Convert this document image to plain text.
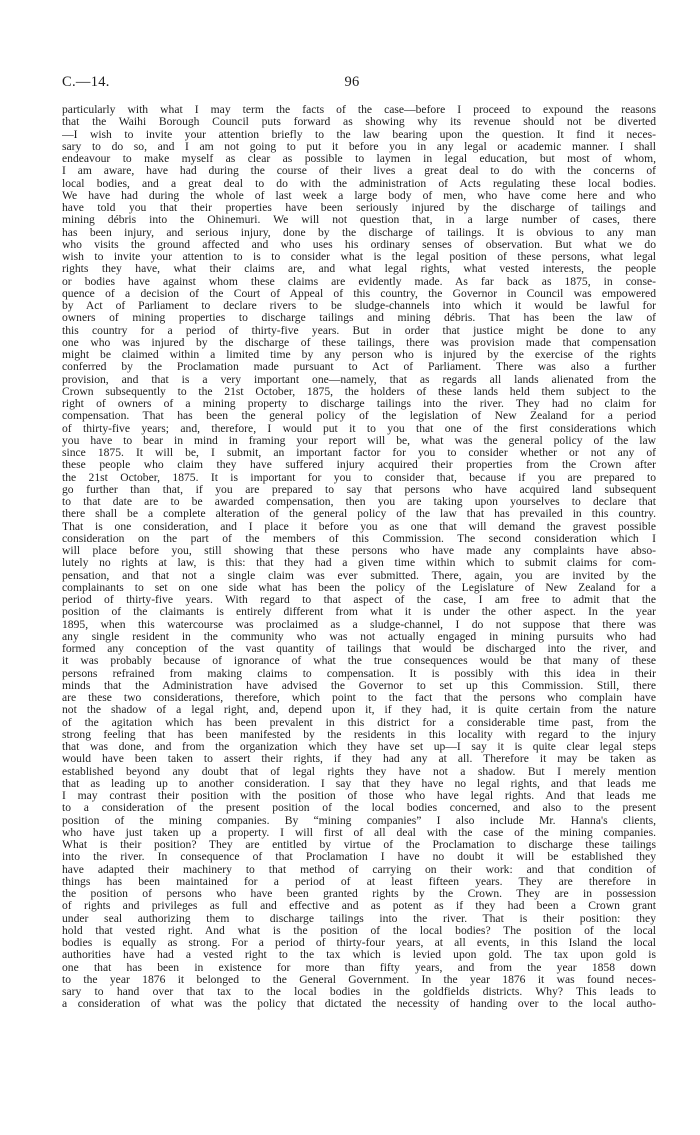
C.—14.	96
particularly with what I may term the facts of the case—before I proceed to expound the reasons
that the Waihi Borough Council puts forward as showing why its revenue should not be diverted
—I wish to invite your attention briefly to the law bearing upon the question. It find it neces-
sary to do so, and I am not going to put it before you in any legal or academic manner. I shall
endeavour to make myself as clear as possible to laymen in legal education, but most of whom,
I am aware, have had during the course of their lives a great deal to do with the concerns of
local bodies, and a great deal to do with the administration of Acts regulating these local bodies.
We have had during the whole of last week a large body of men, who have come here and who
have told you that their properties have been seriously injured by the discharge of tailings and
mining débris into the Ohinemuri. We will not question that, in a large number of cases, there
has been injury, and serious injury, done by the discharge of tailings. It is obvious to any man
who visits the ground affected and who uses his ordinary senses of observation. But what we do
wish to invite your attention to is to consider what is the legal position of these persons, what legal
rights they have, what their claims are, and what legal rights, what vested interests, the people
or bodies have against whom these claims are evidently made. As far back as 1875, in conse-
quence of a decision of the Court of Appeal of this country, the Governor in Council was empowered
by Act of Parliament to declare rivers to be sludge-channels into which it would be lawful for
owners of mining properties to discharge tailings and mining débris. That has been the law of
this country for a period of thirty-five years. But in order that justice might be done to any
one who was injured by the discharge of these tailings, there was provision made that compensation
might be claimed within a limited time by any person who is injured by the exercise of the rights
conferred by the Proclamation made pursuant to Act of Parliament. There was also a further
provision, and that is a very important one—namely, that as regards all lands alienated from the
Crown subsequently to the 21st October, 1875, the holders of these lands held them subject to the
right of owners of a mining property to discharge tailings into the river. They had no claim for
compensation. That has been the general policy of the legislation of New Zealand for a period
of thirty-five years; and, therefore, I would put it to you that one of the first considerations which
you have to bear in mind in framing your report will be, what was the general policy of the law
since 1875. It will be, I submit, an important factor for you to consider whether or not any of
these people who claim they have suffered injury acquired their properties from the Crown after
the 21st October, 1875. It is important for you to consider that, because if you are prepared to
go further than that, if you are prepared to say that persons who have acquired land subsequent
to that date are to be awarded compensation, then you are taking upon yourselves to declare that
there shall be a complete alteration of the general policy of the law that has prevailed in this country.
That is one consideration, and I place it before you as one that will demand the gravest possible
consideration on the part of the members of this Commission. The second consideration which I
will place before you, still showing that these persons who have made any complaints have abso-
lutely no rights at law, is this: that they had a given time within which to submit claims for com-
pensation, and that not a single claim was ever submitted. There, again, you are invited by the
complainants to set on one side what has been the policy of the Legislature of New Zealand for a
period of thirty-five years. With regard to that aspect of the case, I am free to admit that the
position of the claimants is entirely different from what it is under the other aspect. In the year
1895, when this watercourse was proclaimed as a sludge-channel, I do not suppose that there was
any single resident in the community who was not actually engaged in mining pursuits who had
formed any conception of the vast quantity of tailings that would be discharged into the river, and
it was probably because of ignorance of what the true consequences would be that many of these
persons refrained from making claims to compensation. It is possibly with this idea in their
minds that the Administration have advised the Governor to set up this Commission. Still, there
are these two considerations, therefore, which point to the fact that the persons who complain have
not the shadow of a legal right, and, depend upon it, if they had, it is quite certain from the nature
of the agitation which has been prevalent in this district for a considerable time past, from the
strong feeling that has been manifested by the residents in this locality with regard to the injury
that was done, and from the organization which they have set up—I say it is quite clear legal steps
would have been taken to assert their rights, if they had any at all. Therefore it may be taken as
established beyond any doubt that of legal rights they have not a shadow. But I merely mention
that as leading up to another consideration. I say that they have no legal rights, and that leads me
I may contrast their position with the position of those who have legal rights. And that leads me
to a consideration of the present position of the local bodies concerned, and also to the present
position of the mining companies. By “mining companies” I also include Mr. Hanna's clients,
who have just taken up a property. I will first of all deal with the case of the mining companies.
What is their position? They are entitled by virtue of the Proclamation to discharge these tailings
into the river. In consequence of that Proclamation I have no doubt it will be established they
have adapted their machinery to that method of carrying on their work: and that condition of
things has been maintained for a period of at least fifteen years. They are therefore in
the position of persons who have been granted rights by the Crown. They are in possession
of rights and privileges as full and effective and as potent as if they had been a Crown grant
under seal authorizing them to discharge tailings into the river. That is their position: they
hold that vested right. And what is the position of the local bodies? The position of the local
bodies is equally as strong. For a period of thirty-four years, at all events, in this Island the local
authorities have had a vested right to the tax which is levied upon gold. The tax upon gold is
one that has been in existence for more than fifty years, and from the year 1858 down
to the year 1876 it belonged to the General Government. In the year 1876 it was found neces-
sary to hand over that tax to the local bodies in the goldfields districts. Why? This leads to
a consideration of what was the policy that dictated the necessity of handing over to the local autho-
